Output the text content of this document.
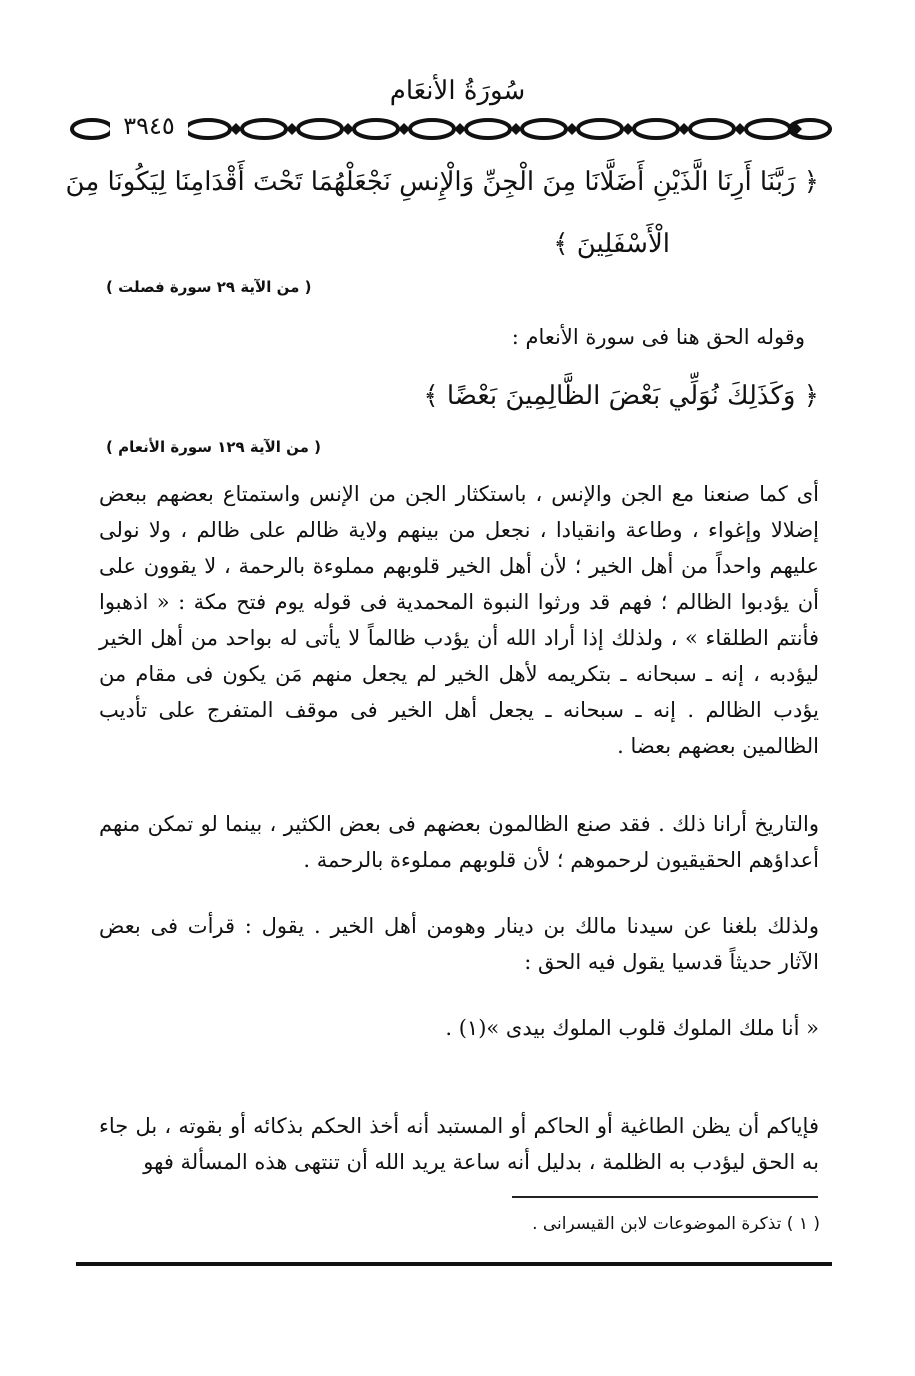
سُورَةُ الأنعَام
٣٩٤٥
﴿ رَبَّنَا أَرِنَا الَّذَيْنِ أَضَلَّانَا مِنَ الْجِنِّ وَالْإِنسِ نَجْعَلْهُمَا تَحْتَ أَقْدَامِنَا لِيَكُونَا مِنَ
الْأَسْفَلِينَ ﴾
( من الآية ٢٩ سورة فصلت )
وقوله الحق هنا فى سورة الأنعام :
﴿ وَكَذَلِكَ نُوَلِّي بَعْضَ الظَّالِمِينَ بَعْضًا ﴾
( من الآية ١٢٩ سورة الأنعام )
أى كما صنعنا مع الجن والإنس ، باستكثار الجن من الإنس واستمتاع بعضهم ببعض إضلالا وإغواء ، وطاعة وانقيادا ، نجعل من بينهم ولاية ظالم على ظالم ، ولا نولى عليهم واحداً من أهل الخير ؛ لأن أهل الخير قلوبهم مملوءة بالرحمة ، لا يقوون على أن يؤدبوا الظالم ؛ فهم قد ورثوا النبوة المحمدية فى قوله يوم فتح مكة : « اذهبوا فأنتم الطلقاء » ، ولذلك إذا أراد الله أن يؤدب ظالماً لا يأتى له بواحد من أهل الخير ليؤدبه ، إنه ـ سبحانه ـ بتكريمه لأهل الخير لم يجعل منهم مَن يكون فى مقام من يؤدب الظالم . إنه ـ سبحانه ـ يجعل أهل الخير فى موقف المتفرج على تأديب الظالمين بعضهم بعضا .
والتاريخ أرانا ذلك . فقد صنع الظالمون بعضهم فى بعض الكثير ، بينما لو تمكن منهم أعداؤهم الحقيقيون لرحموهم ؛ لأن قلوبهم مملوءة بالرحمة .
ولذلك بلغنا عن سيدنا مالك بن دينار وهومن أهل الخير . يقول : قرأت فى بعض الآثار حديثاً قدسيا يقول فيه الحق :
« أنا ملك الملوك قلوب الملوك بيدى »(١) .
فإياكم أن يظن الطاغية أو الحاكم أو المستبد أنه أخذ الحكم بذكائه أو بقوته ، بل جاء به الحق ليؤدب به الظلمة ، بدليل أنه ساعة يريد الله أن تنتهى هذه المسألة فهو
( ١ ) تذكرة الموضوعات لابن القيسرانى .
